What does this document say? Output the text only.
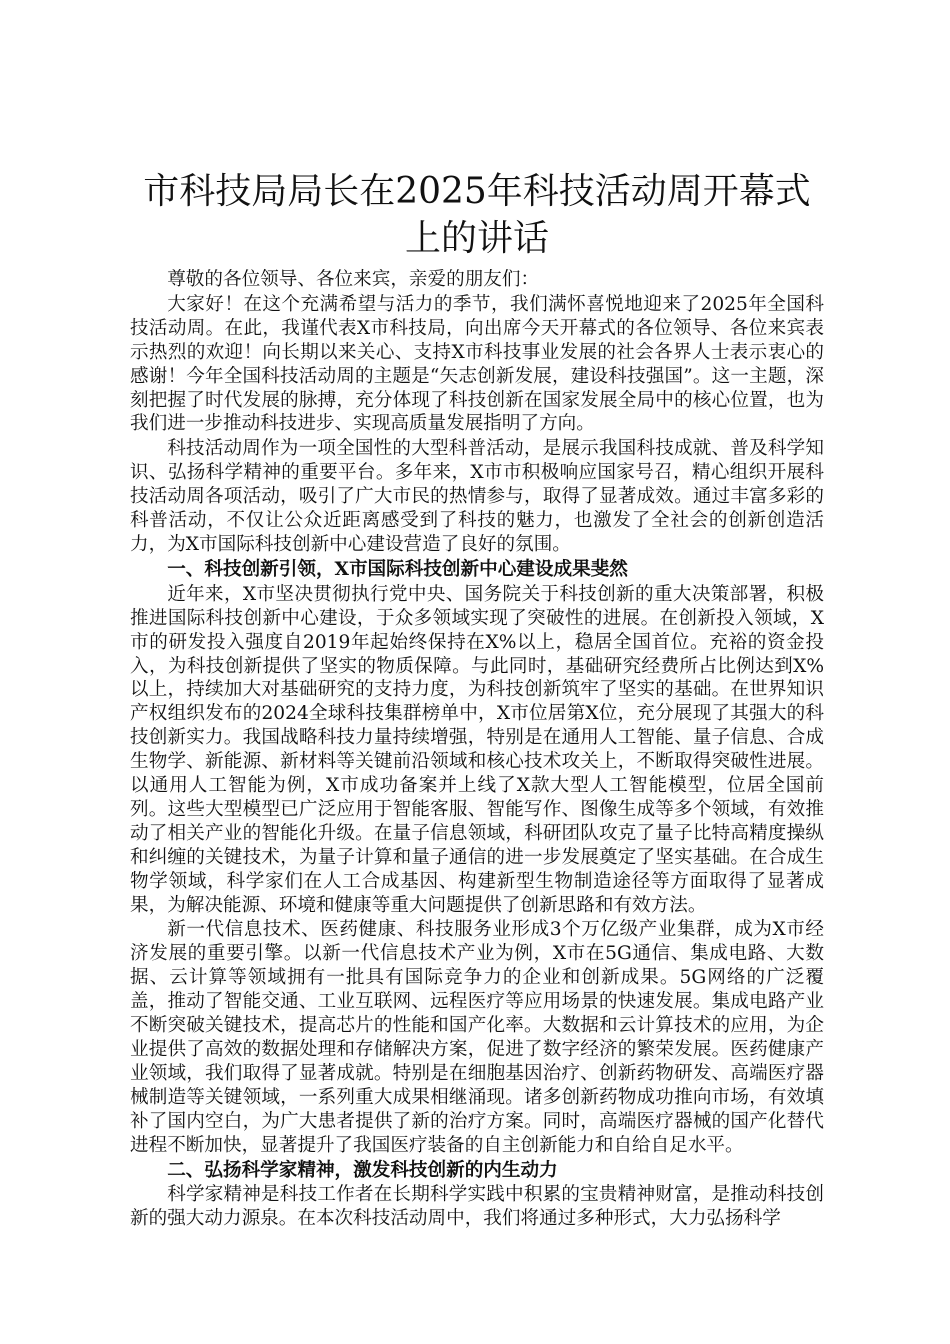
市科技局局长在2025年科技活动周开幕式上的讲话

尊敬的各位领导、各位来宾，亲爱的朋友们：

大家好！在这个充满希望与活力的季节，我们满怀喜悦地迎来了2025年全国科技活动周。在此，我谨代表X市科技局，向出席今天开幕式的各位领导、各位来宾表示热烈的欢迎！向长期以来关心、支持X市科技事业发展的社会各界人士表示衷心的感谢！今年全国科技活动周的主题是“矢志创新发展，建设科技强国”。这一主题，深刻把握了时代发展的脉搏，充分体现了科技创新在国家发展全局中的核心位置，也为我们进一步推动科技进步、实现高质量发展指明了方向。

科技活动周作为一项全国性的大型科普活动，是展示我国科技成就、普及科学知识、弘扬科学精神的重要平台。多年来，X市市积极响应国家号召，精心组织开展科技活动周各项活动，吸引了广大市民的热情参与，取得了显著成效。通过丰富多彩的科普活动，不仅让公众近距离感受到了科技的魅力，也激发了全社会的创新创造活力，为X市国际科技创新中心建设营造了良好的氛围。

一、科技创新引领，X市国际科技创新中心建设成果斐然

近年来，X市坚决贯彻执行党中央、国务院关于科技创新的重大决策部署，积极推进国际科技创新中心建设，于众多领域实现了突破性的进展。在创新投入领域，X市的研发投入强度自2019年起始终保持在X%以上，稳居全国首位。充裕的资金投入，为科技创新提供了坚实的物质保障。与此同时，基础研究经费所占比例达到X%以上，持续加大对基础研究的支持力度，为科技创新筑牢了坚实的基础。在世界知识产权组织发布的2024全球科技集群榜单中，X市位居第X位，充分展现了其强大的科技创新实力。我国战略科技力量持续增强，特别是在通用人工智能、量子信息、合成生物学、新能源、新材料等关键前沿领域和核心技术攻关上，不断取得突破性进展。以通用人工智能为例，X市成功备案并上线了X款大型人工智能模型，位居全国前列。这些大型模型已广泛应用于智能客服、智能写作、图像生成等多个领域，有效推动了相关产业的智能化升级。在量子信息领域，科研团队攻克了量子比特高精度操纵和纠缠的关键技术，为量子计算和量子通信的进一步发展奠定了坚实基础。在合成生物学领域，科学家们在人工合成基因、构建新型生物制造途径等方面取得了显著成果，为解决能源、环境和健康等重大问题提供了创新思路和有效方法。

新一代信息技术、医药健康、科技服务业形成3个万亿级产业集群，成为X市经济发展的重要引擎。以新一代信息技术产业为例，X市在5G通信、集成电路、大数据、云计算等领域拥有一批具有国际竞争力的企业和创新成果。5G网络的广泛覆盖，推动了智能交通、工业互联网、远程医疗等应用场景的快速发展。集成电路产业不断突破关键技术，提高芯片的性能和国产化率。大数据和云计算技术的应用，为企业提供了高效的数据处理和存储解决方案，促进了数字经济的繁荣发展。医药健康产业领域，我们取得了显著成就。特别是在细胞基因治疗、创新药物研发、高端医疗器械制造等关键领域，一系列重大成果相继涌现。诸多创新药物成功推向市场，有效填补了国内空白，为广大患者提供了新的治疗方案。同时，高端医疗器械的国产化替代进程不断加快，显著提升了我国医疗装备的自主创新能力和自给自足水平。

二、弘扬科学家精神，激发科技创新的内生动力

科学家精神是科技工作者在长期科学实践中积累的宝贵精神财富，是推动科技创新的强大动力源泉。在本次科技活动周中，我们将通过多种形式，大力弘扬科学
